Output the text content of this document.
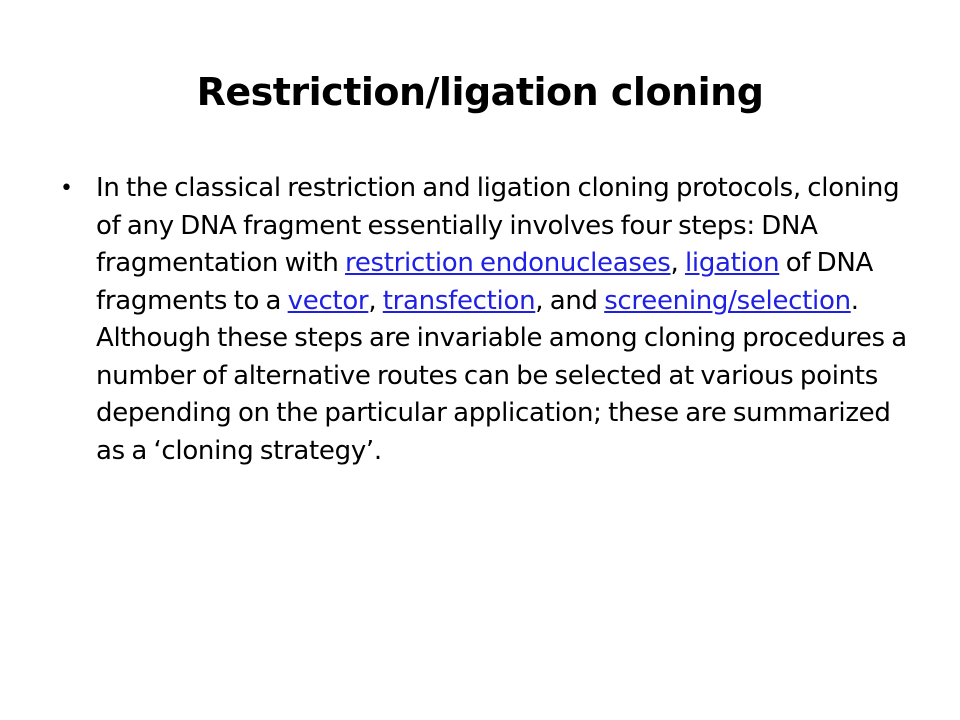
Restriction/ligation cloning
• In the classical restriction and ligation cloning protocols, cloning of any DNA fragment essentially involves four steps: DNA fragmentation with restriction endonucleases, ligation of DNA fragments to a vector, transfection, and screening/selection. Although these steps are invariable among cloning procedures a number of alternative routes can be selected at various points depending on the particular application; these are summarized as a ‘cloning strategy’.
